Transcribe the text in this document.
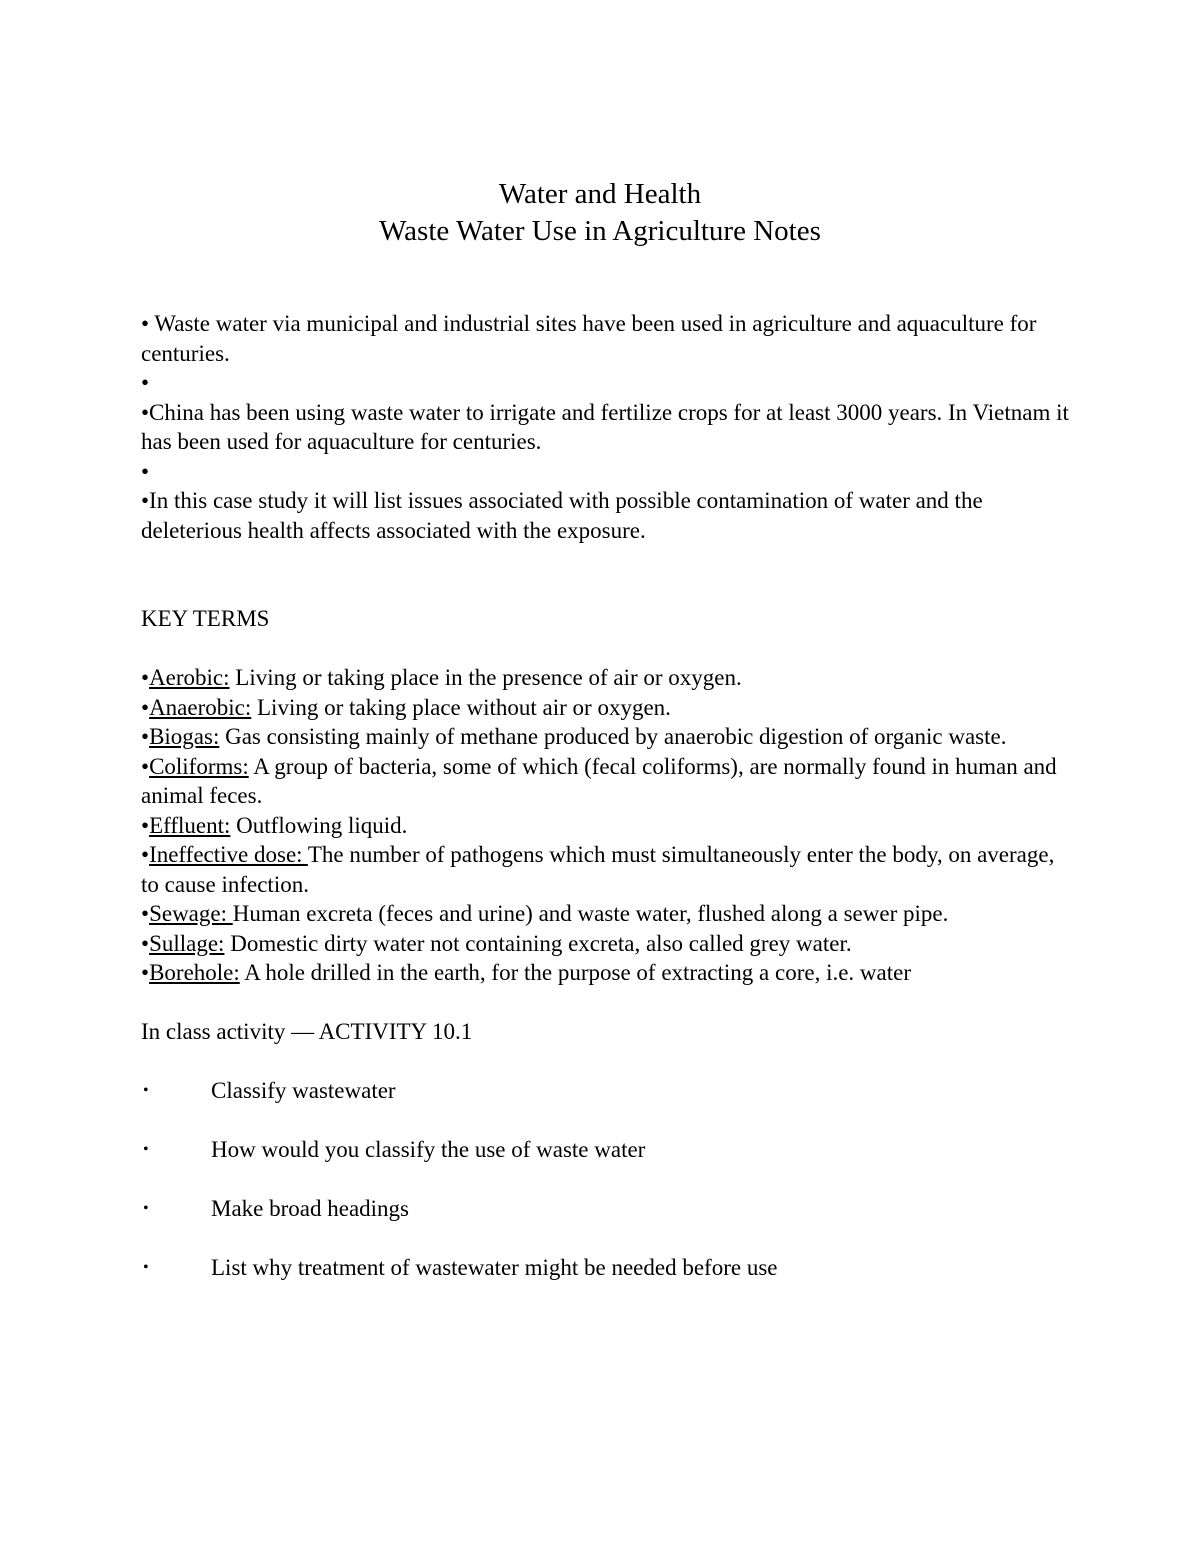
Water and Health
Waste Water Use in Agriculture Notes

• Waste water via municipal and industrial sites have been used in agriculture and aquaculture for centuries.

•

•China has been using waste water to irrigate and fertilize crops for at least 3000 years. In Vietnam it has been used for aquaculture for centuries.

•

•In this case study it will list issues associated with possible contamination of water and the deleterious health affects associated with the exposure.

KEY TERMS

•Aerobic: Living or taking place in the presence of air or oxygen.

•Anaerobic: Living or taking place without air or oxygen.

•Biogas: Gas consisting mainly of methane produced by anaerobic digestion of organic waste.

•Coliforms: A group of bacteria, some of which (fecal coliforms), are normally found in human and animal feces.

•Effluent: Outflowing liquid.

•Ineffective dose: The number of pathogens which must simultaneously enter the body, on average, to cause infection.

•Sewage: Human excreta (feces and urine) and waste water, flushed along a sewer pipe.

•Sullage: Domestic dirty water not containing excreta, also called grey water.

•Borehole: A hole drilled in the earth, for the purpose of extracting a core, i.e. water

In class activity — ACTIVITY 10.1

•	Classify wastewater
•	How would you classify the use of waste water
•	Make broad headings
•	List why treatment of wastewater might be needed before use
